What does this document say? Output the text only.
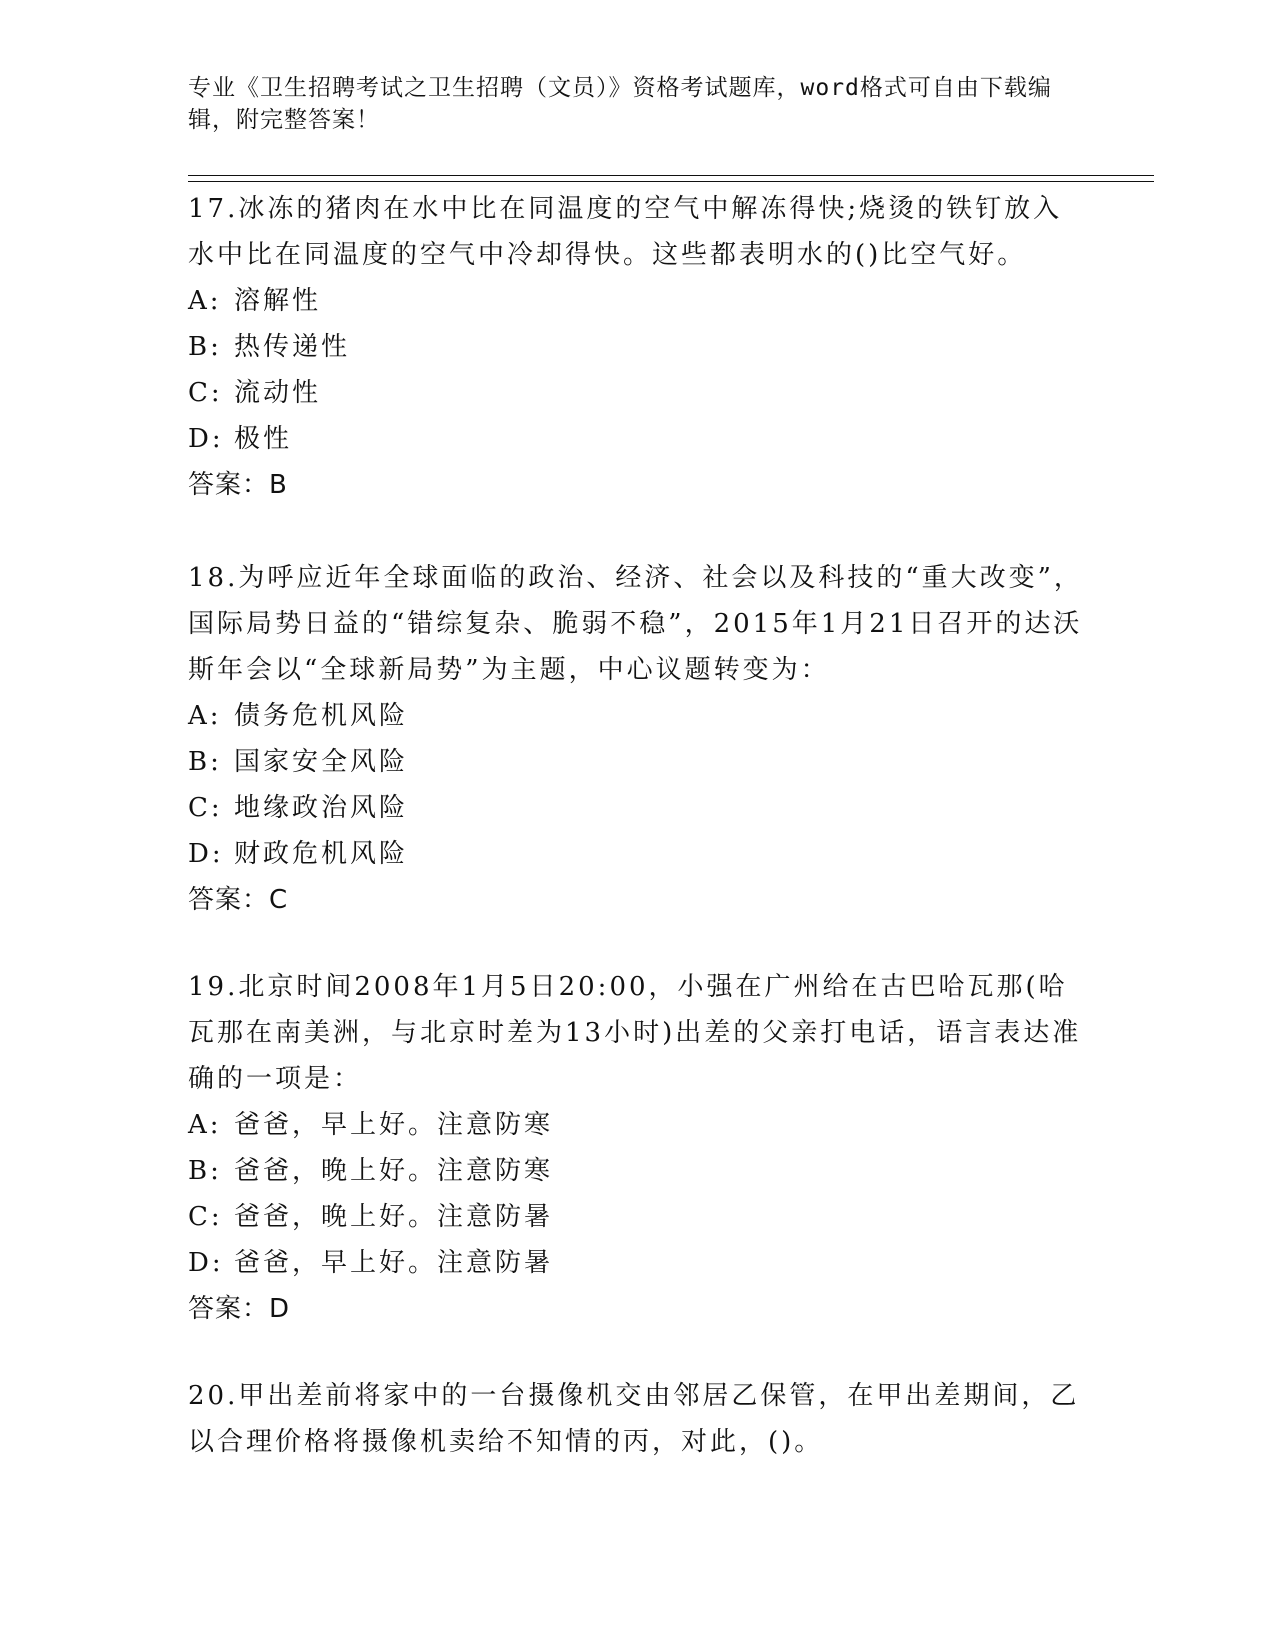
专业《卫生招聘考试之卫生招聘（文员）》资格考试题库，word格式可自由下载编辑，附完整答案！
17.冰冻的猪肉在水中比在同温度的空气中解冻得快;烧烫的铁钉放入水中比在同温度的空气中冷却得快。这些都表明水的()比空气好。
A: 溶解性
B: 热传递性
C: 流动性
D: 极性
答案：B
18.为呼应近年全球面临的政治、经济、社会以及科技的“重大改变”，国际局势日益的“错综复杂、脆弱不稳”，2015年1月21日召开的达沃斯年会以“全球新局势”为主题，中心议题转变为：
A: 债务危机风险
B: 国家安全风险
C: 地缘政治风险
D: 财政危机风险
答案：C
19.北京时间2008年1月5日20:00，小强在广州给在古巴哈瓦那(哈瓦那在南美洲，与北京时差为13小时)出差的父亲打电话，语言表达准确的一项是：
A: 爸爸，早上好。注意防寒
B: 爸爸，晚上好。注意防寒
C: 爸爸，晚上好。注意防暑
D: 爸爸，早上好。注意防暑
答案：D
20.甲出差前将家中的一台摄像机交由邻居乙保管，在甲出差期间，乙以合理价格将摄像机卖给不知情的丙，对此，()。
